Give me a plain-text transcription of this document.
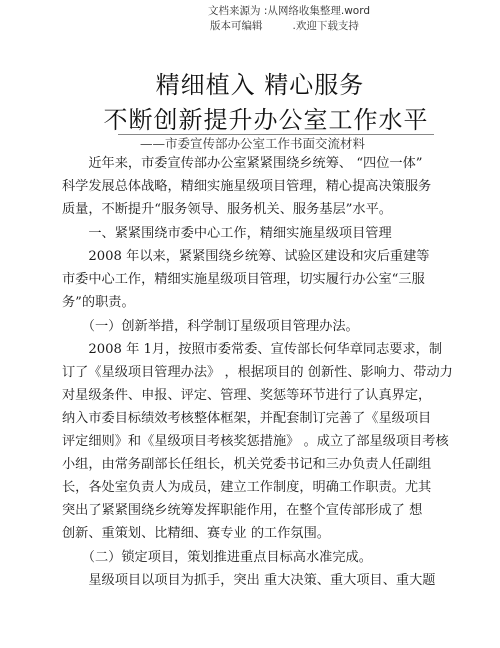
文档来源为 :从网络收集整理.word
版本可编辑         .欢迎下载支持
精细植入 精心服务
不断创新提升办公室工作水平
——市委宣传部办公室工作书面交流材料
　　近年来，市委宣传部办公室紧紧围绕乡统筹、 “四位一体”
科学发展总体战略，精细实施星级项目管理，精心提高决策服务
质量，不断提升“服务领导、服务机关、服务基层”水平。
　　一、紧紧围绕市委中心工作，精细实施星级项目管理
　　2008 年以来，紧紧围绕乡统筹、试验区建设和灾后重建等
市委中心工作，精细实施星级项目管理，切实履行办公室“三服
务”的职责。
　　（一）创新举措，科学制订星级项目管理办法。
　　2008 年 1月，按照市委常委、宣传部长何华章同志要求，制
订了《星级项目管理办法》 ，根据项目的 创新性、影响力、带动力
对星级条件、申报、评定、管理、奖惩等环节进行了认真界定，
纳入市委目标绩效考核整体框架，并配套制订完善了《星级项目
评定细则》和《星级项目考核奖惩措施》 。成立了部星级项目考核
小组，由常务副部长任组长，机关党委书记和三办负责人任副组
长，各处室负责人为成员，建立工作制度，明确工作职责。尤其
突出了紧紧围绕乡统筹发挥职能作用，在整个宣传部形成了 想
创新、重策划、比精细、赛专业 的工作氛围。
　　（二）锁定项目，策划推进重点目标高水准完成。
　　星级项目以项目为抓手，突出 重大决策、重大项目、重大题
